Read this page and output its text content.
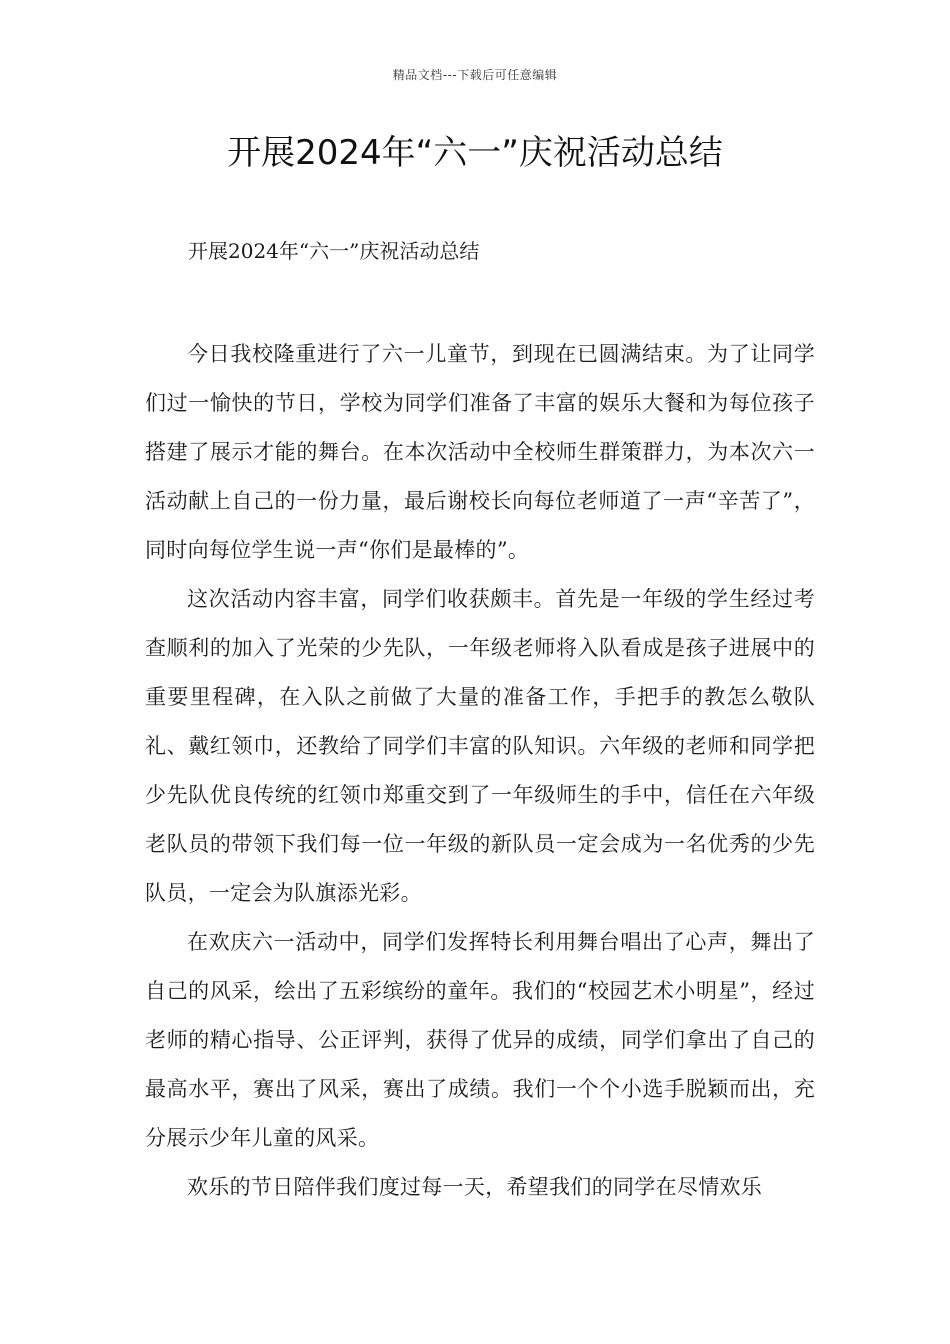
精品文档---下载后可任意编辑
开展2024年“六一”庆祝活动总结

开展2024年“六一”庆祝活动总结

今日我校隆重进行了六一儿童节，到现在已圆满结束。为了让同学们过一愉快的节日，学校为同学们准备了丰富的娱乐大餐和为每位孩子搭建了展示才能的舞台。在本次活动中全校师生群策群力，为本次六一活动献上自己的一份力量，最后谢校长向每位老师道了一声“辛苦了”，同时向每位学生说一声“你们是最棒的”。

这次活动内容丰富，同学们收获颇丰。首先是一年级的学生经过考查顺利的加入了光荣的少先队，一年级老师将入队看成是孩子进展中的重要里程碑，在入队之前做了大量的准备工作，手把手的教怎么敬队礼、戴红领巾，还教给了同学们丰富的队知识。六年级的老师和同学把少先队优良传统的红领巾郑重交到了一年级师生的手中，信任在六年级老队员的带领下我们每一位一年级的新队员一定会成为一名优秀的少先队员，一定会为队旗添光彩。

在欢庆六一活动中，同学们发挥特长利用舞台唱出了心声，舞出了自己的风采，绘出了五彩缤纷的童年。我们的“校园艺术小明星”，经过老师的精心指导、公正评判，获得了优异的成绩，同学们拿出了自己的最高水平，赛出了风采，赛出了成绩。我们一个个小选手脱颖而出，充分展示少年儿童的风采。

欢乐的节日陪伴我们度过每一天，希望我们的同学在尽情欢乐
